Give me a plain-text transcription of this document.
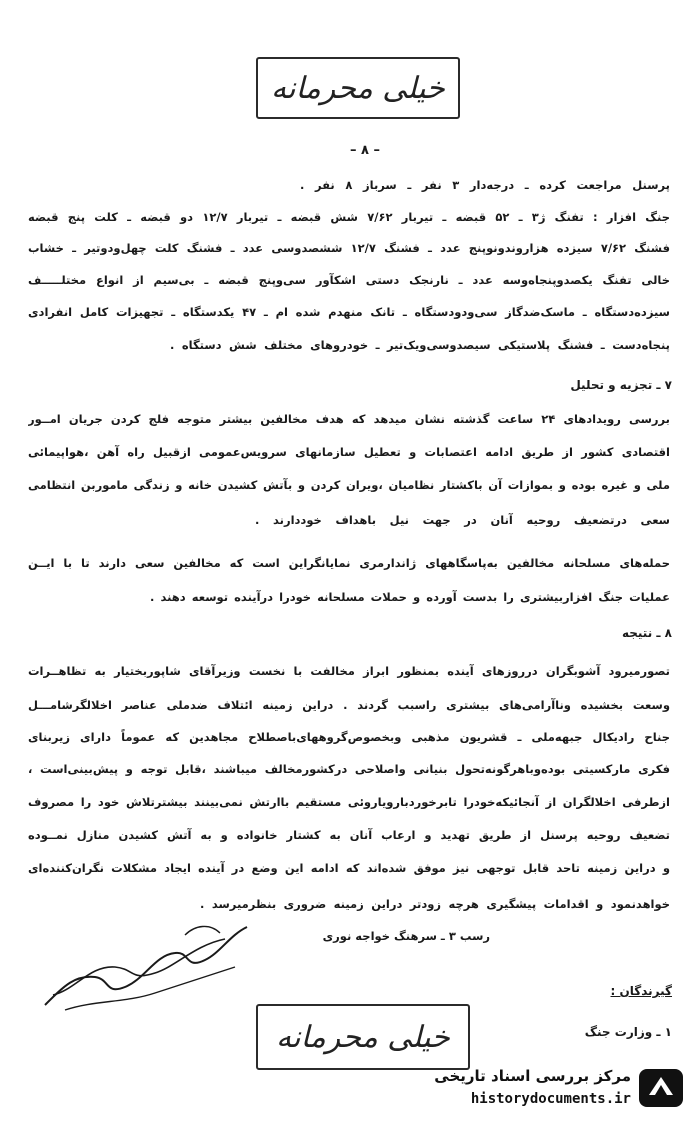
خیلی محرمانه
– ۸ –
پرسنل مراجعت کرده ـ درجه‌دار ۳ نفر ـ سرباز ۸ نفر .
جنگ افزار : تفنگ ژ۳ ـ ۵۲ قبضه ـ تیربار ۷/۶۲ شش قبضه ـ تیربار ۱۲/۷ دو قبضه ـ کلت پنج قبضه
فشنگ ۷/۶۲ سیزده هزاروندونوپنج عدد ـ فشنگ ۱۲/۷ ششصدوسی عدد ـ فشنگ کلت چهل‌ودوتیر ـ خشاب
خالی تفنگ یکصدوپنجاه‌وسه عدد ـ نارنجک دستی اشکآور سی‌وپنج قبضه ـ بی‌سیم از انواع مختلـــــف
سیزده‌دستگاه ـ ماسک‌ضدگاز سی‌ودودستگاه ـ تانک منهدم شده ام ـ ۴۷ یکدستگاه ـ تجهیزات کامل انفرادی
پنجاه‌دست ـ فشنگ پلاستیکی سیصدوسی‌ویک‌تیر ـ خودروهای مختلف شش دستگاه .
۷ ـ تجزیه و تحلیل
بررسی رویدادهای ۲۴ ساعت گذشته نشان میدهد که هدف مخالفین بیشتر متوجه فلج کردن جریان امــور
اقتصادی کشور از طریق ادامه اعتصابات و تعطیل سازمانهای سرویس‌عمومی ازقبیل راه آهن ،هواپیمائی
ملی و غیره بوده و بموازات آن باکشتار نظامیان ،ویران کردن و بآتش کشیدن خانه و زندگی ماموربن انتظامی
سعی درتضعیف روحیه آنان در جهت نیل باهداف خوددارند .
حمله‌های مسلحانه مخالفین به‌پاسگاههای ژاندارمری نمایانگراین است که مخالفین سعی دارند تا با ایــن
عملیات جنگ افزاربیشتری را بدست آورده و حملات مسلحانه خودرا درآینده توسعه دهند .
۸ ـ نتیجه
تصورمیرود آشوبگران درروزهای آینده بمنظور ابراز مخالفت با نخست وزیرآقای شاپوربختیار به تظاهــرات
وسعت بخشیده وناآرامی‌های بیشتری راسبب گردند . دراین زمینه ائتلاف ضدملی عناصر اخلالگرشامـــل
جناح رادیکال جبهه‌ملی ـ قشریون مذهبی وبخصوص‌گروههای‌باصطلاح مجاهدین که عموماً دارای زیربنای
فکری مارکسیتی بوده‌وباهرگونه‌تحول بنیانی واصلاحی درکشورمخالف میباشند ،قابل توجه و پیش‌بینی‌است ،
ازطرفی اخلالگران از آنجائیکه‌خودرا تابرخوردبارویاروئی مستقیم باارتش نمی‌بینند بیشترتلاش خود را مصروف
تضعیف روحیه پرسنل از طریق تهدید و ارعاب آنان به کشتار خانواده و به آتش کشیدن منازل نمــوده
و دراین زمینه تاحد قابل توجهی نیز موفق شده‌اند که ادامه این وضع در آینده ایجاد مشکلات نگران‌کننده‌ای
خواهدنمود و اقدامات پیشگیری هرچه زودتر دراین زمینه ضروری بنظرمیرسد .
رسب ۳ ـ سرهنگ خواجه نوری
گیرندگان :
۱ ـ وزارت جنگ
خیلی محرمانه
مرکز بررسی اسناد تاریخی
historydocuments.ir
